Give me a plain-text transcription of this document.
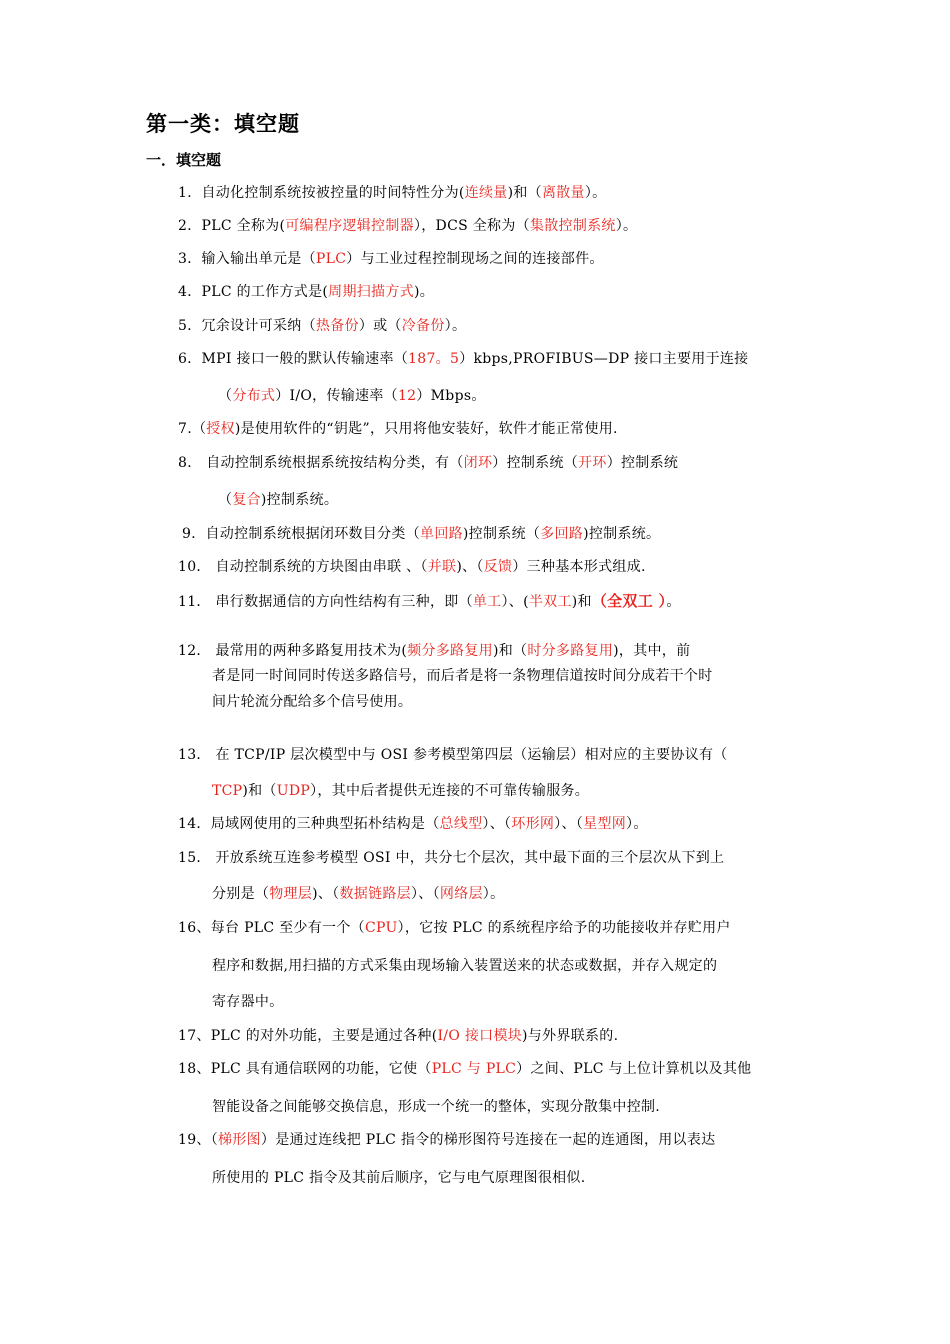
第一类：填空题
一．填空题
1．自动化控制系统按被控量的时间特性分为(连续量)和（离散量）。
2．PLC 全称为(可编程序逻辑控制器），DCS 全称为（集散控制系统）。
3．输入输出单元是（PLC）与工业过程控制现场之间的连接部件。
4．PLC 的工作方式是(周期扫描方式)。
5．冗余设计可采纳（热备份）或（冷备份）。
6．MPI 接口一般的默认传输速率（187。5）kbps,PROFIBUS—DP 接口主要用于连接
（分布式）I/O，传输速率（12）Mbps。
7.（授权)是使用软件的“钥匙”，只用将他安装好，软件才能正常使用.
8． 自动控制系统根据系统按结构分类，有（闭环）控制系统（开环）控制系统
（复合)控制系统。
9．自动控制系统根据闭环数目分类（单回路)控制系统（多回路)控制系统。
10． 自动控制系统的方块图由串联 、（并联)、（反馈）三种基本形式组成.
11． 串行数据通信的方向性结构有三种，即（单工）、(半双工)和（全双工 ）。
12． 最常用的两种多路复用技术为(频分多路复用)和（时分多路复用)，其中，前
者是同一时间同时传送多路信号，而后者是将一条物理信道按时间分成若干个时
间片轮流分配给多个信号使用。
13． 在 TCP/IP 层次模型中与 OSI 参考模型第四层（运输层）相对应的主要协议有（
TCP)和（UDP），其中后者提供无连接的不可靠传输服务。
14．局域网使用的三种典型拓朴结构是（总线型）、（环形网）、（星型网）。
15． 开放系统互连参考模型 OSI 中，共分七个层次，其中最下面的三个层次从下到上
分别是（物理层)、（数据链路层）、（网络层）。
16、每台 PLC 至少有一个（CPU），它按 PLC 的系统程序给予的功能接收并存贮用户
程序和数据,用扫描的方式采集由现场输入装置送来的状态或数据，并存入规定的
寄存器中。
17、PLC 的对外功能，主要是通过各种(I/O 接口模块)与外界联系的.
18、PLC 具有通信联网的功能，它使（PLC 与 PLC）之间、PLC 与上位计算机以及其他
智能设备之间能够交换信息，形成一个统一的整体，实现分散集中控制.
19、（梯形图）是通过连线把 PLC 指令的梯形图符号连接在一起的连通图，用以表达
所使用的 PLC 指令及其前后顺序，它与电气原理图很相似.
